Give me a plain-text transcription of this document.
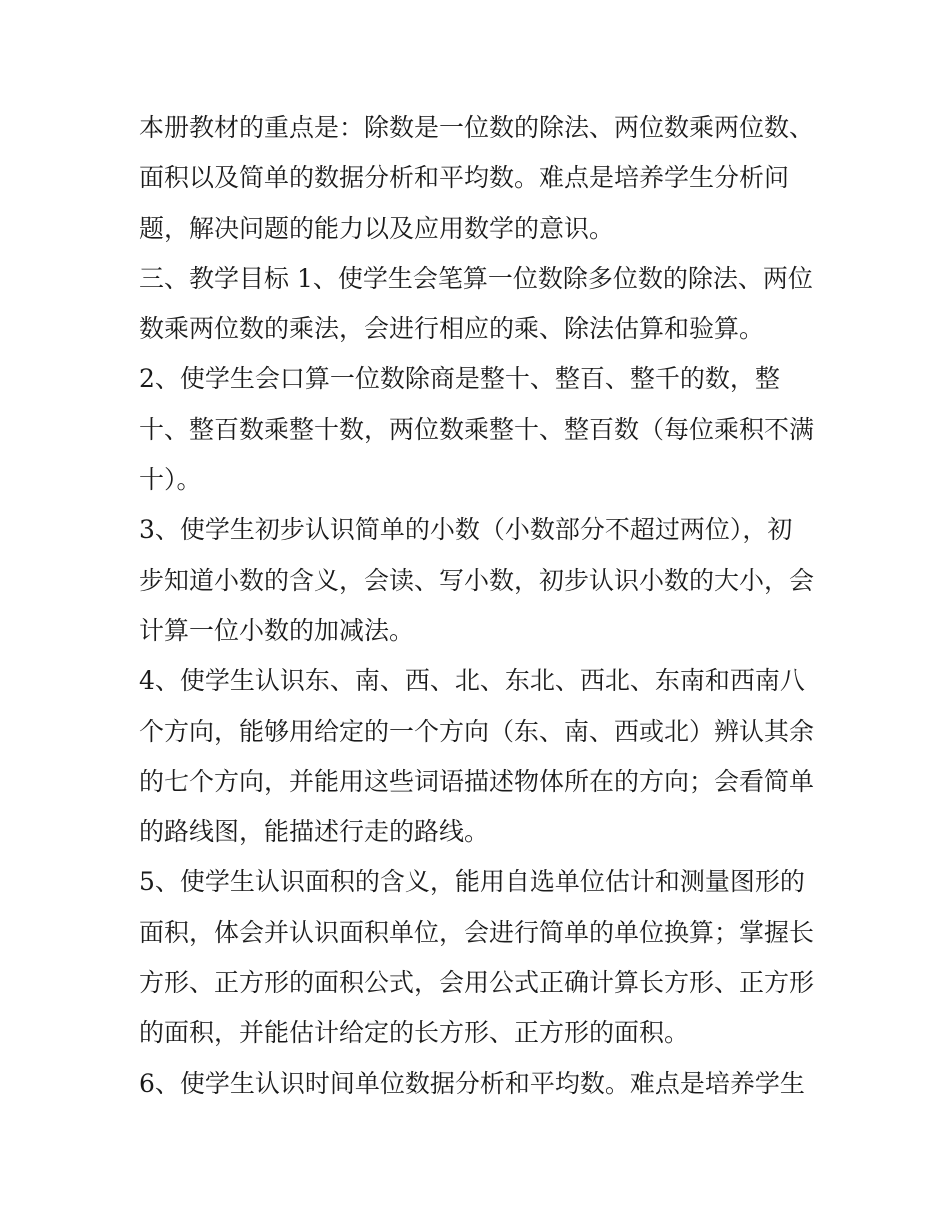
本册教材的重点是：除数是一位数的除法、两位数乘两位数、
面积以及简单的数据分析和平均数。难点是培养学生分析问
题，解决问题的能力以及应用数学的意识。
三、教学目标 1、使学生会笔算一位数除多位数的除法、两位
数乘两位数的乘法，会进行相应的乘、除法估算和验算。
2、使学生会口算一位数除商是整十、整百、整千的数，整
十、整百数乘整十数，两位数乘整十、整百数（每位乘积不满
十）。
3、使学生初步认识简单的小数（小数部分不超过两位），初
步知道小数的含义，会读、写小数，初步认识小数的大小，会
计算一位小数的加减法。
4、使学生认识东、南、西、北、东北、西北、东南和西南八
个方向，能够用给定的一个方向（东、南、西或北）辨认其余
的七个方向，并能用这些词语描述物体所在的方向；会看简单
的路线图，能描述行走的路线。
5、使学生认识面积的含义，能用自选单位估计和测量图形的
面积，体会并认识面积单位，会进行简单的单位换算；掌握长
方形、正方形的面积公式，会用公式正确计算长方形、正方形
的面积，并能估计给定的长方形、正方形的面积。
6、使学生认识时间单位数据分析和平均数。难点是培养学生
